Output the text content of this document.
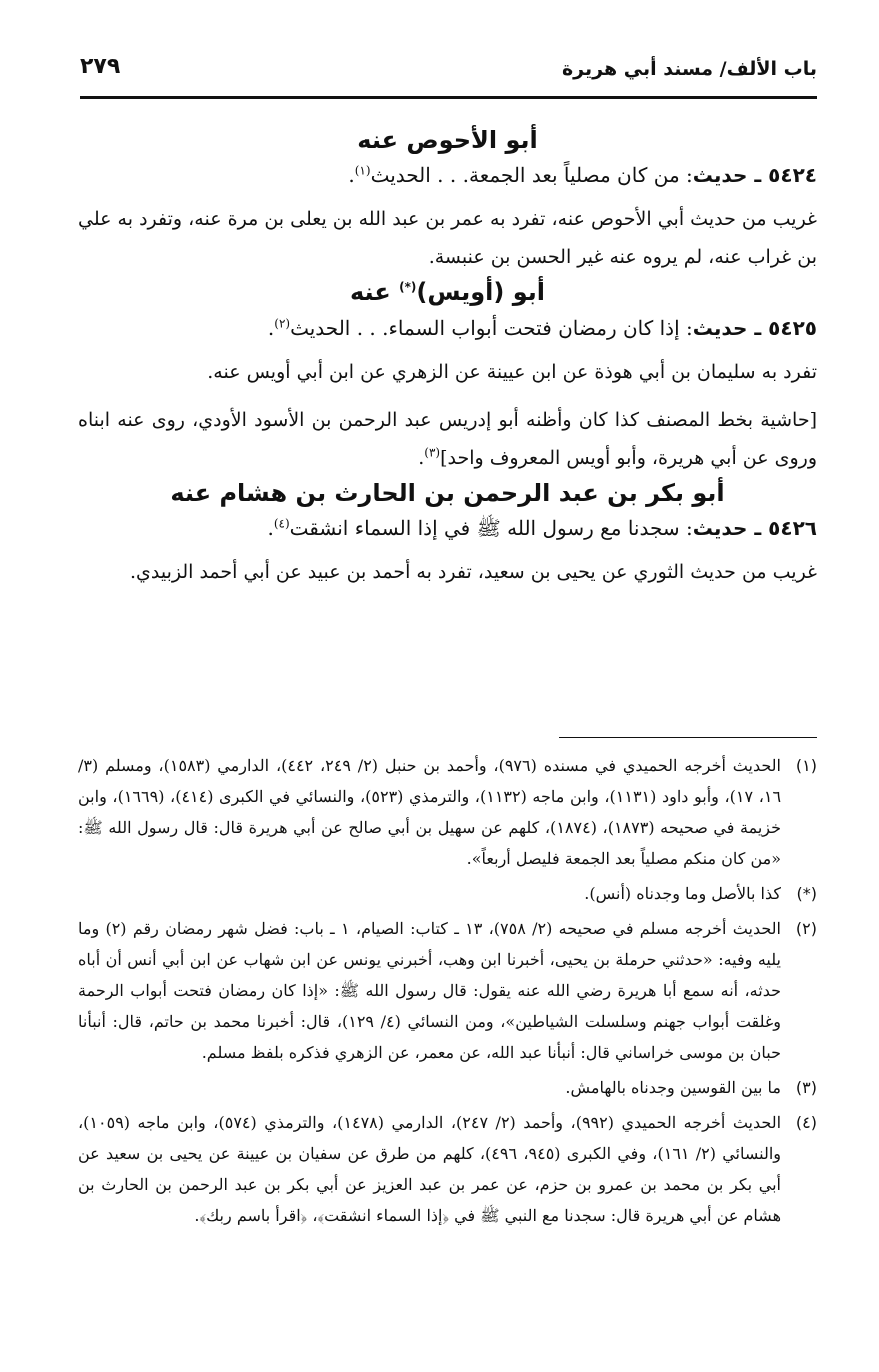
باب الألف/ مسند أبي هريرة
٢٧٩
أبو الأحوص عنه

٥٤٢٤ ـ حديث: من كان مصلياً بعد الجمعة. . . الحديث$^{(١)}$.

غريب من حديث أبي الأحوص عنه، تفرد به عمر بن عبد الله بن يعلى بن مرة عنه، وتفرد به علي بن غراب عنه، لم يروه عنه غير الحسن بن عنبسة.

أبو (أويس)(*) عنه

٥٤٢٥ ـ حديث: إذا كان رمضان فتحت أبواب السماء. . . الحديث$^{(٢)}$.

تفرد به سليمان بن أبي هوذة عن ابن عيينة عن الزهري عن ابن أبي أويس عنه.

[حاشية بخط المصنف كذا كان وأظنه أبو إدريس عبد الرحمن بن الأسود الأودي، روى عنه ابناه وروى عن أبي هريرة، وأبو أويس المعروف واحد]$^{(٣)}$.

أبو بكر بن عبد الرحمن بن الحارث بن هشام عنه

٥٤٢٦ ـ حديث: سجدنا مع رسول الله ﷺ في إذا السماء انشقت$^{(٤)}$.

غريب من حديث الثوري عن يحيى بن سعيد، تفرد به أحمد بن عبيد عن أبي أحمد الزبيدي.

(١)
الحديث أخرجه الحميدي في مسنده (٩٧٦)، وأحمد بن حنبل (٢/ ٢٤٩، ٤٤٢)، الدارمي (١٥٨٣)، ومسلم (٣/ ١٦، ١٧)، وأبو داود (١١٣١)، وابن ماجه (١١٣٢)، والترمذي (٥٢٣)، والنسائي في الكبرى (٤١٤)، (١٦٦٩)، وابن خزيمة في صحيحه (١٨٧٣)، (١٨٧٤)، كلهم عن سهيل بن أبي صالح عن أبي هريرة قال: قال رسول الله ﷺ: «من كان منكم مصلياً بعد الجمعة فليصل أربعاً».
(*)
كذا بالأصل وما وجدناه (أنس).
(٢)
الحديث أخرجه مسلم في صحيحه (٢/ ٧٥٨)، ١٣ ـ كتاب: الصيام، ١ ـ باب: فضل شهر رمضان رقم (٢) وما يليه وفيه: «حدثني حرملة بن يحيى، أخبرنا ابن وهب، أخبرني يونس عن ابن شهاب عن ابن أبي أنس أن أباه حدثه، أنه سمع أبا هريرة رضي الله عنه يقول: قال رسول الله ﷺ: «إذا كان رمضان فتحت أبواب الرحمة وغلقت أبواب جهنم وسلسلت الشياطين»، ومن النسائي (٤/ ١٢٩)، قال: أخبرنا محمد بن حاتم، قال: أنبأنا حبان بن موسى خراساني قال: أنبأنا عبد الله، عن معمر، عن الزهري فذكره بلفظ مسلم.
(٣)
ما بين القوسين وجدناه بالهامش.
(٤)
الحديث أخرجه الحميدي (٩٩٢)، وأحمد (٢/ ٢٤٧)، الدارمي (١٤٧٨)، والترمذي (٥٧٤)، وابن ماجه (١٠٥٩)، والنسائي (٢/ ١٦١)، وفي الكبرى (٩٤٥، ٤٩٦)، كلهم من طرق عن سفيان بن عيينة عن يحيى بن سعيد عن أبي بكر بن محمد بن عمرو بن حزم، عن عمر بن عبد العزيز عن أبي بكر بن عبد الرحمن بن الحارث بن هشام عن أبي هريرة قال: سجدنا مع النبي ﷺ في ﴿إذا السماء انشقت﴾، ﴿اقرأ باسم ربك﴾.
